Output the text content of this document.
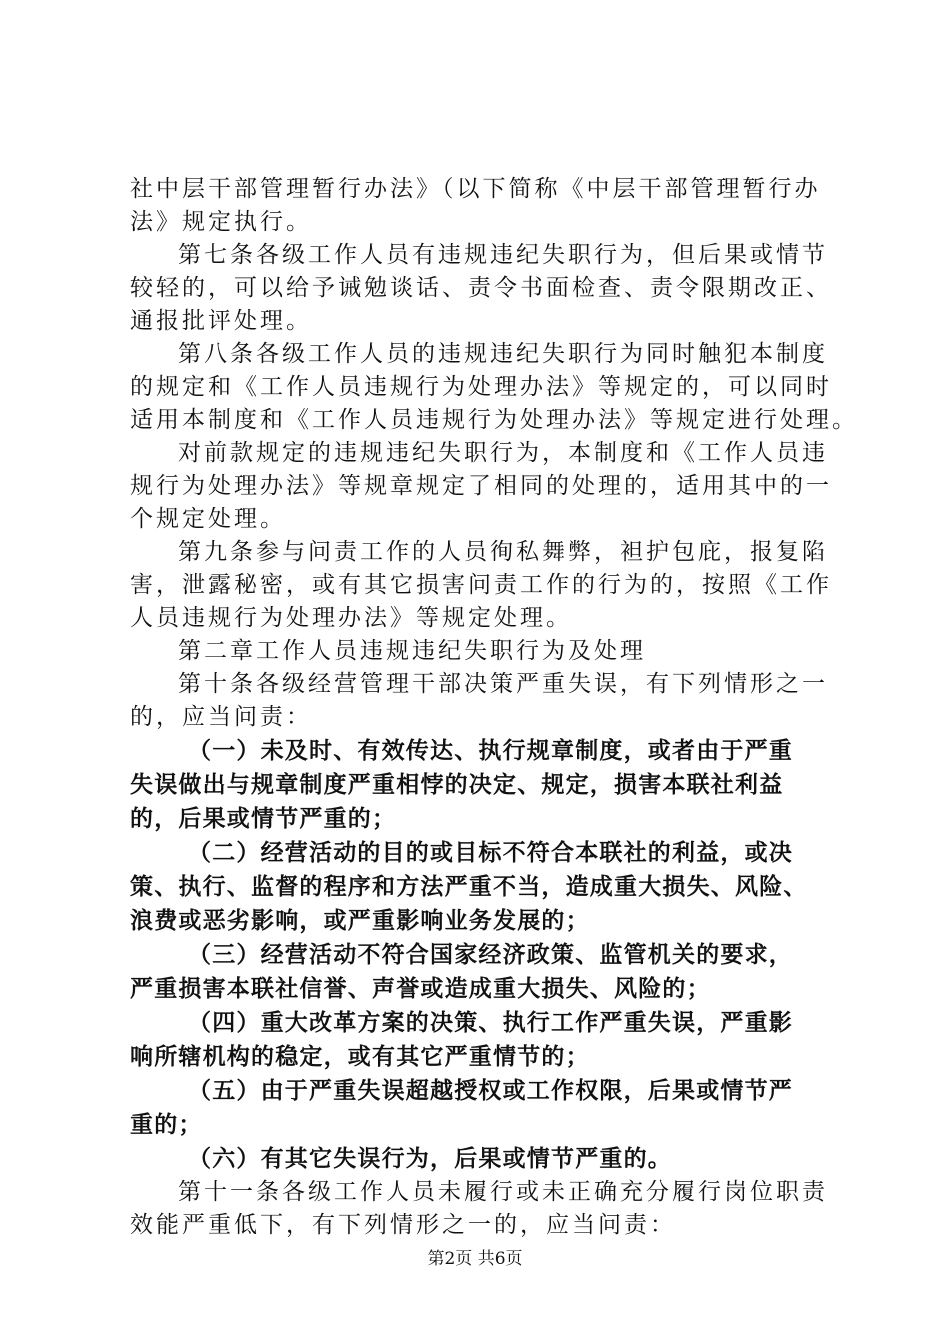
社中层干部管理暂行办法》（以下简称《中层干部管理暂行办
法》规定执行。
第七条各级工作人员有违规违纪失职行为，但后果或情节
较轻的，可以给予诫勉谈话、责令书面检查、责令限期改正、
通报批评处理。
第八条各级工作人员的违规违纪失职行为同时触犯本制度
的规定和《工作人员违规行为处理办法》等规定的，可以同时
适用本制度和《工作人员违规行为处理办法》等规定进行处理。
对前款规定的违规违纪失职行为，本制度和《工作人员违
规行为处理办法》等规章规定了相同的处理的，适用其中的一
个规定处理。
第九条参与问责工作的人员徇私舞弊，袒护包庇，报复陷
害，泄露秘密，或有其它损害问责工作的行为的，按照《工作
人员违规行为处理办法》等规定处理。
第二章工作人员违规违纪失职行为及处理
第十条各级经营管理干部决策严重失误，有下列情形之一
的，应当问责：
（一）未及时、有效传达、执行规章制度，或者由于严重
失误做出与规章制度严重相悖的决定、规定，损害本联社利益
的，后果或情节严重的；
（二）经营活动的目的或目标不符合本联社的利益，或决
策、执行、监督的程序和方法严重不当，造成重大损失、风险、
浪费或恶劣影响，或严重影响业务发展的；
（三）经营活动不符合国家经济政策、监管机关的要求，
严重损害本联社信誉、声誉或造成重大损失、风险的；
（四）重大改革方案的决策、执行工作严重失误，严重影
响所辖机构的稳定，或有其它严重情节的；
（五）由于严重失误超越授权或工作权限，后果或情节严
重的；
（六）有其它失误行为，后果或情节严重的。
第十一条各级工作人员未履行或未正确充分履行岗位职责
效能严重低下，有下列情形之一的，应当问责：
第2页 共6页
